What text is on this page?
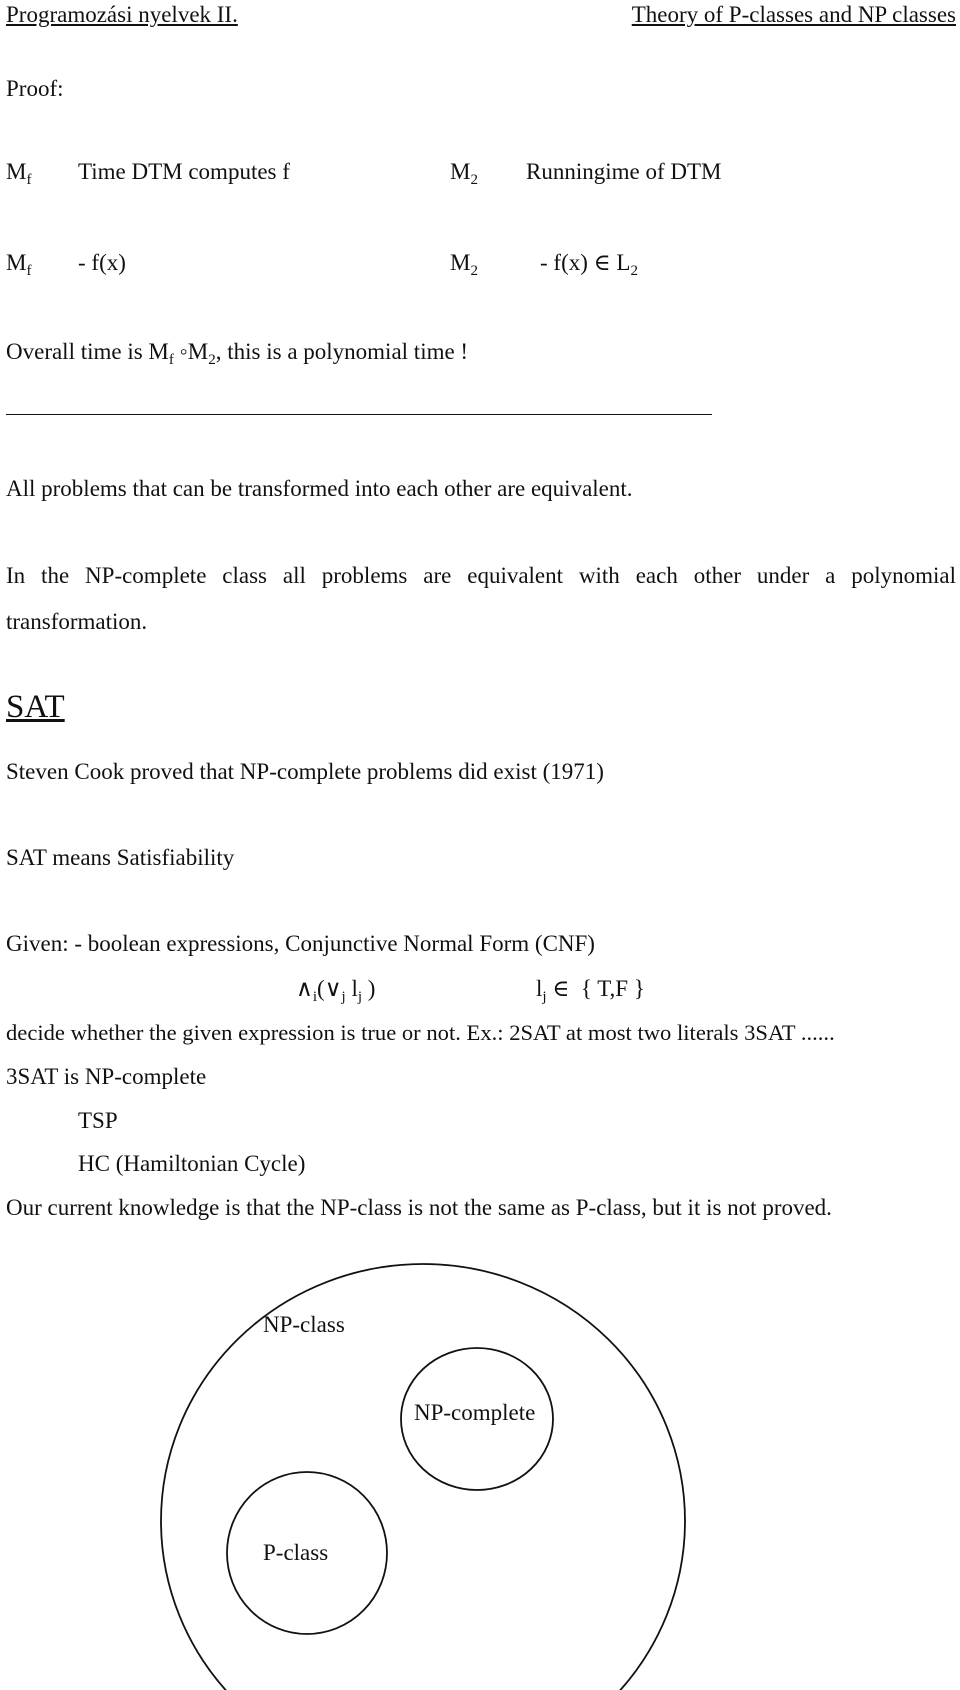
Programozási nyelvek II.	Theory of P-classes and NP classes
Proof:
$M_f$ Time DTM computes f	$M_2$ Runningime of DTM
$M_f - f(x)$	$M_2$	- f(x) ∈ $L_2$
Overall time is $M_f$ $◦M_2$, this is a polynomial time !
All problems that can be transformed into each other are equivalent.
In the NP-complete class all problems are equivalent with each other under a polynomial
transformation.
SAT
Steven Cook proved that NP-complete problems did exist (1971)
SAT means Satisfiability
Given: - boolean expressions, Conjunctive Normal Form (CNF)
$\wedge_i(\vee_j$ $l_j$ )	$l_j$ ∈ { T,F }
decide whether the given expression is true or not. Ex.: 2SAT at most two literals 3SAT ......
3SAT is NP-complete
TSP
HC (Hamiltonian Cycle)
Our current knowledge is that the NP-class is not the same as P-class, but it is not proved.
NP-class
NP-complete
P-class
